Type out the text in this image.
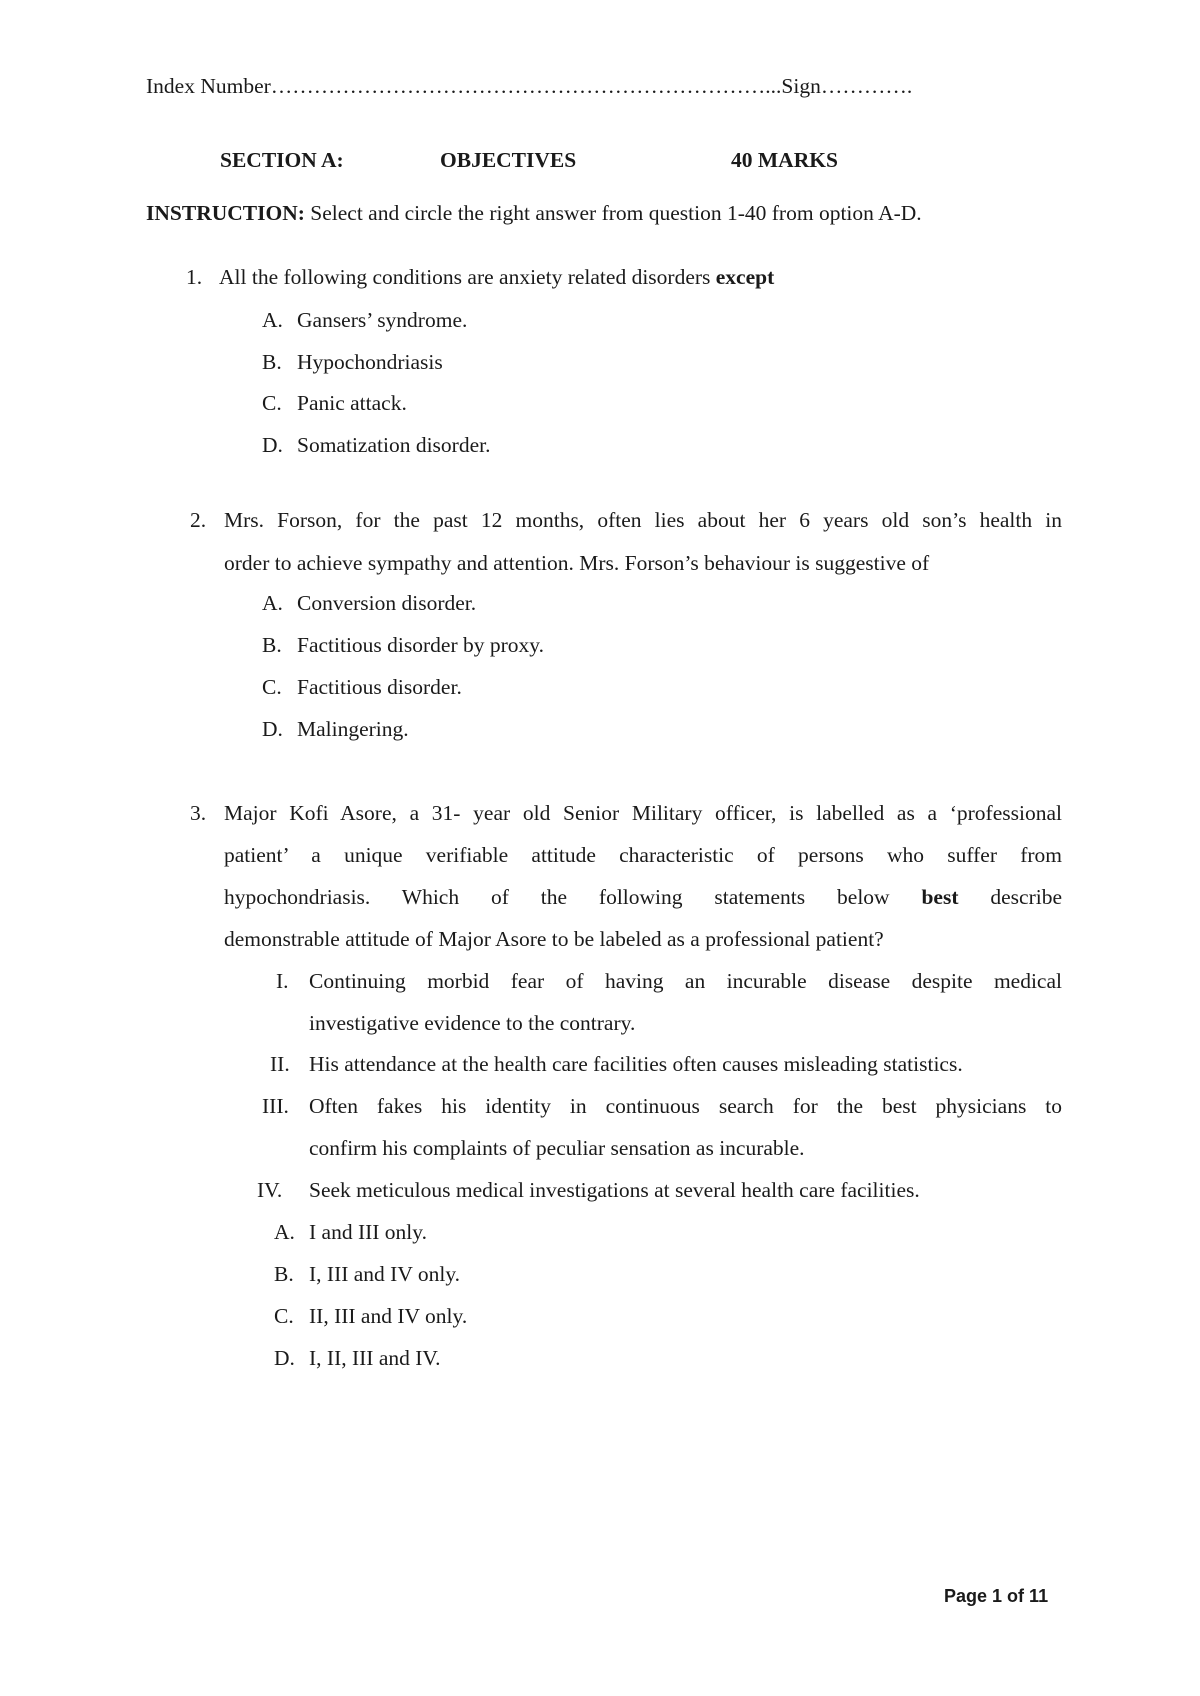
Index Number……………………………………………………………...Sign………….
SECTION A:	OBJECTIVES	40 MARKS
INSTRUCTION: Select and circle the right answer from question 1-40 from option A-D.
1. All the following conditions are anxiety related disorders except
A. Gansers’ syndrome.
B. Hypochondriasis
C. Panic attack.
D. Somatization disorder.
2. Mrs. Forson, for the past 12 months, often lies about her 6 years old son’s health in
order to achieve sympathy and attention. Mrs. Forson’s behaviour is suggestive of
A. Conversion disorder.
B. Factitious disorder by proxy.
C. Factitious disorder.
D. Malingering.
3. Major Kofi Asore, a 31- year old Senior Military officer, is labelled as a ‘professional
patient’ a unique verifiable attitude characteristic of persons who suffer from
hypochondriasis. Which of the following statements below best describe
demonstrable attitude of Major Asore to be labeled as a professional patient?
I. Continuing morbid fear of having an incurable disease despite medical
investigative evidence to the contrary.
II. His attendance at the health care facilities often causes misleading statistics.
III. Often fakes his identity in continuous search for the best physicians to
confirm his complaints of peculiar sensation as incurable.
IV. Seek meticulous medical investigations at several health care facilities.
A. I and III only.
B. I, III and IV only.
C. II, III and IV only.
D. I, II, III and IV.
Page 1 of 11
